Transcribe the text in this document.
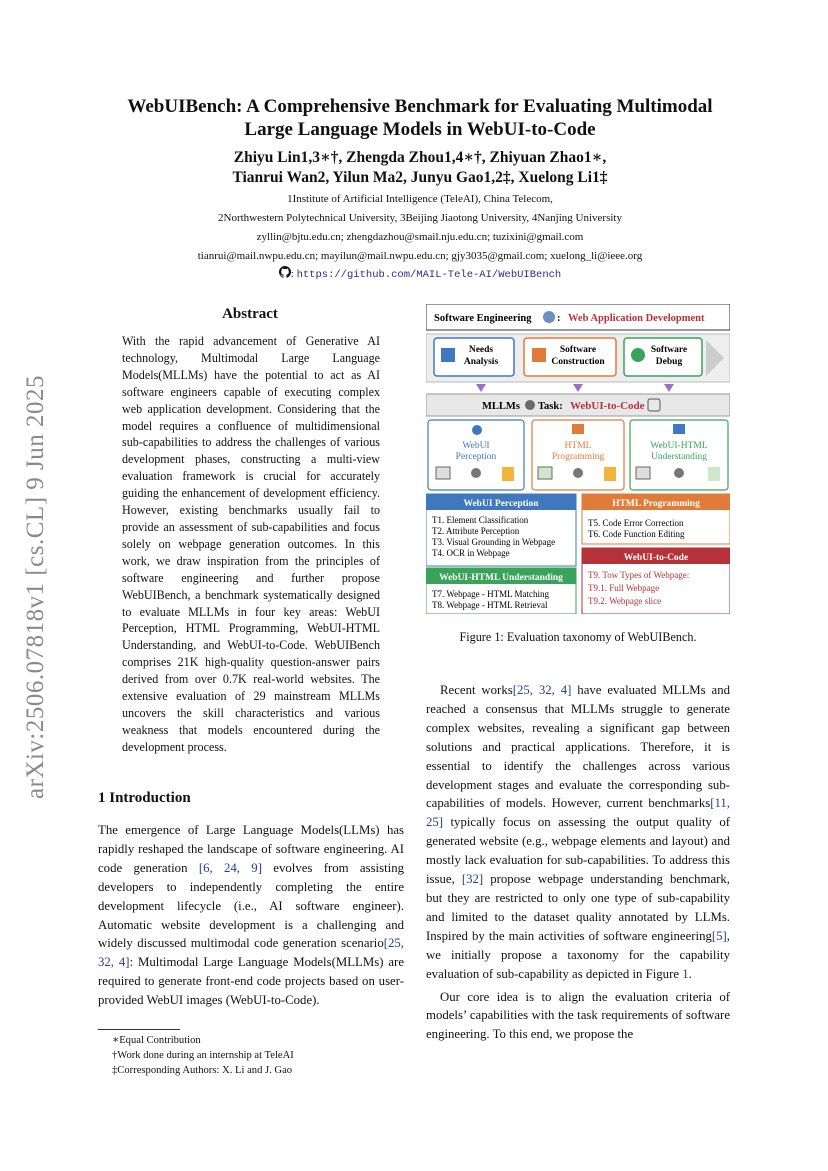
arXiv:2506.07818v1 [cs.CL] 9 Jun 2025
WebUIBench: A Comprehensive Benchmark for Evaluating Multimodal
Large Language Models in WebUI-to-Code
Zhiyu Lin1,3∗†, Zhengda Zhou1,4∗†, Zhiyuan Zhao1∗,
Tianrui Wan2, Yilun Ma2, Junyu Gao1,2‡, Xuelong Li1‡
1Institute of Artificial Intelligence (TeleAI), China Telecom,
2Northwestern Polytechnical University, 3Beijing Jiaotong University, 4Nanjing University
zyllin@bjtu.edu.cn; zhengdazhou@smail.nju.edu.cn; tuzixini@gmail.com
tianrui@mail.nwpu.edu.cn; mayilun@mail.nwpu.edu.cn; gjy3035@gmail.com; xuelong_li@ieee.org
: https://github.com/MAIL-Tele-AI/WebUIBench
Abstract
With the rapid advancement of Generative AI technology, Multimodal Large Language Models(MLLMs) have the potential to act as AI software engineers capable of executing complex web application development. Considering that the model requires a confluence of multidimensional sub-capabilities to address the challenges of various development phases, constructing a multi-view evaluation framework is crucial for accurately guiding the enhancement of development efficiency. However, existing benchmarks usually fail to provide an assessment of sub-capabilities and focus solely on webpage generation outcomes. In this work, we draw inspiration from the principles of software engineering and further propose WebUIBench, a benchmark systematically designed to evaluate MLLMs in four key areas: WebUI Perception, HTML Programming, WebUI-HTML Understanding, and WebUI-to-Code. WebUIBench comprises 21K high-quality question-answer pairs derived from over 0.7K real-world websites. The extensive evaluation of 29 mainstream MLLMs uncovers the skill characteristics and various weakness that models encountered during the development process.
1 Introduction

The emergence of Large Language Models(LLMs) has rapidly reshaped the landscape of software engineering. AI code generation [6, 24, 9] evolves from assisting developers to independently completing the entire development lifecycle (i.e., AI software engineer). Automatic website development is a challenging and widely discussed multimodal code generation scenario[25, 32, 4]: Multimodal Large Language Models(MLLMs) are required to generate front-end code projects based on user-provided WebUI images (WebUI-to-Code).

∗Equal Contribution
†Work done during an internship at TeleAI
‡Corresponding Authors: X. Li and J. Gao
Software Engineering : Web Application Development
Needs
Analysis
Software
Construction
Software
Debug
MLLMs Task: WebUI-to-Code
WebUI
Perception
HTML
Programming
WebUI-HTML
Understanding
WebUI Perception
T1. Element Classification
T2. Attribute Perception
T3. Visual Grounding in Webpage
T4. OCR in Webpage
HTML Programming
T5. Code Error Correction
T6. Code Function Editing
WebUI-HTML Understanding
T7. Webpage - HTML Matching
T8. Webpage - HTML Retrieval
WebUI-to-Code
T9. Tow Types of Webpage:
T9.1. Full Webpage
T9.2. Webpage slice
Figure 1: Evaluation taxonomy of WebUIBench.

Recent works[25, 32, 4] have evaluated MLLMs and reached a consensus that MLLMs struggle to generate complex websites, revealing a significant gap between solutions and practical applications. Therefore, it is essential to identify the challenges across various development stages and evaluate the corresponding sub-capabilities of models. However, current benchmarks[11, 25] typically focus on assessing the output quality of generated website (e.g., webpage elements and layout) and mostly lack evaluation for sub-capabilities. To address this issue, [32] propose webpage understanding benchmark, but they are restricted to only one type of sub-capability and limited to the dataset quality annotated by LLMs. Inspired by the main activities of software engineering[5], we initially propose a taxonomy for the capability evaluation of sub-capability as depicted in Figure 1.

Our core idea is to align the evaluation criteria of models’ capabilities with the task requirements of software engineering. To this end, we propose the
